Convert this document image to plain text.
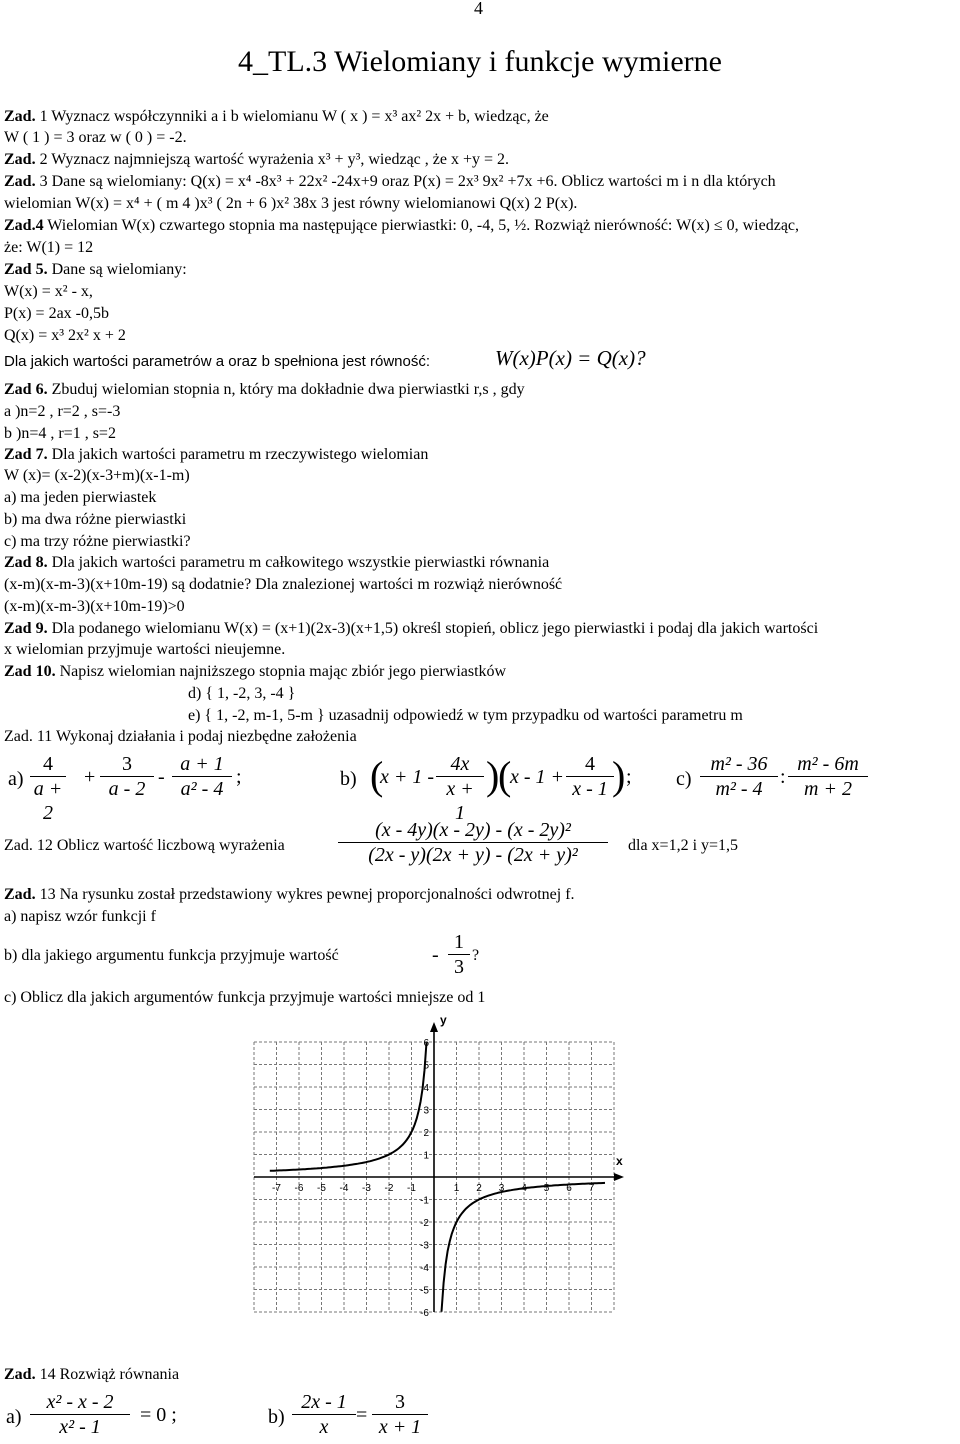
4
4_TL.3 Wielomiany i funkcje wymierne
Zad. 1 Wyznacz współczynniki a i b wielomianu W ( x ) = x³ ax² 2x + b, wiedząc, że
W ( 1 ) = 3 oraz w ( 0 ) = -2.
Zad. 2 Wyznacz najmniejszą wartość wyrażenia x³ + y³, wiedząc , że x +y = 2.
Zad. 3 Dane są wielomiany: Q(x) = x⁴ -8x³ + 22x² -24x+9 oraz P(x) = 2x³ 9x² +7x +6. Oblicz wartości m i n dla których
wielomian W(x) = x⁴ + ( m 4 )x³ ( 2n + 6 )x² 38x 3 jest równy wielomianowi Q(x) 2 P(x).
Zad.4 Wielomian W(x) czwartego stopnia ma następujące pierwiastki: 0, -4, 5, ½. Rozwiąż nierówność: W(x) ≤ 0, wiedząc,
że: W(1) = 12
Zad 5. Dane są wielomiany:
W(x) = x² - x,
P(x) = 2ax -0,5b
Q(x) = x³ 2x² x + 2
Dla jakich wartości parametrów a oraz b spełniona jest równość:	W(x)P(x) = Q(x)?
Zad 6. Zbuduj wielomian stopnia n, który ma dokładnie dwa pierwiastki r,s , gdy
a )n=2 , r=2 , s=-3
b )n=4 , r=1 , s=2
Zad 7. Dla jakich wartości parametru m rzeczywistego wielomian
W (x)= (x-2)(x-3+m)(x-1-m)
a) ma jeden pierwiastek
b) ma dwa różne pierwiastki
c) ma trzy różne pierwiastki?
Zad 8. Dla jakich wartości parametru m całkowitego wszystkie pierwiastki równania
(x-m)(x-m-3)(x+10m-19) są dodatnie? Dla znalezionej wartości m rozwiąż nierówność
(x-m)(x-m-3)(x+10m-19)>0
Zad 9. Dla podanego wielomianu W(x) = (x+1)(2x-3)(x+1,5) określ stopień, oblicz jego pierwiastki i podaj dla jakich wartości
x wielomian przyjmuje wartości nieujemne.
Zad 10. Napisz wielomian najniższego stopnia mając zbiór jego pierwiastków
d) { 1, -2, 3, -4 }
e) { 1, -2, m-1, 5-m } uzasadnij odpowiedź w tym przypadku od wartości parametru m
Zad. 11 Wykonaj działania i podaj niezbędne założenia
$a) \frac{4}{a + 2} + \frac{3}{a - 2} - \frac{a + 1}{\text{a² - 4}}$ ;	b) (
$x + 1 - \frac{4x}{x + 1}$ )
(
$x - 1 + \frac{4}{x - 1}$
) ; $c) \frac{\text{m² - 36}}{\text{m² - 4}}$ : $\frac{\text{m² - 6m}}{m + 2}$
Zad. 12 Oblicz wartość liczbową wyrażenia	$\frac{\text{(x - 4y)(x - 2y) - (x - 2y)²}}{\text{(2x - y)(2x + y) - (2x + y)²}}$ dla x=1,2 i y=1,5
Zad. 13 Na rysunku został przedstawiony wykres pewnej proporcjonalności odwrotnej f.
a) napisz wzór funkcji f
b) dla jakiego argumentu funkcja przyjmuje wartość	- $\frac{1}{3}$ ?
c) Oblicz dla jakich argumentów funkcja przyjmuje wartości mniejsze od 1
x
y
-7 -6 -5 -4 -3 -2 -1	1 2 3 4 5 6 7
6
5
4
3
2
1
-1
-2
-3
-4
-5
-6
Zad. 14 Rozwiąż równania
$a) \frac{\text{x² - x - 2}}{\text{x² - 1}} = 0$ ;	$b) \frac{2x - 1}{x} = \frac{3}{x + 1}$
